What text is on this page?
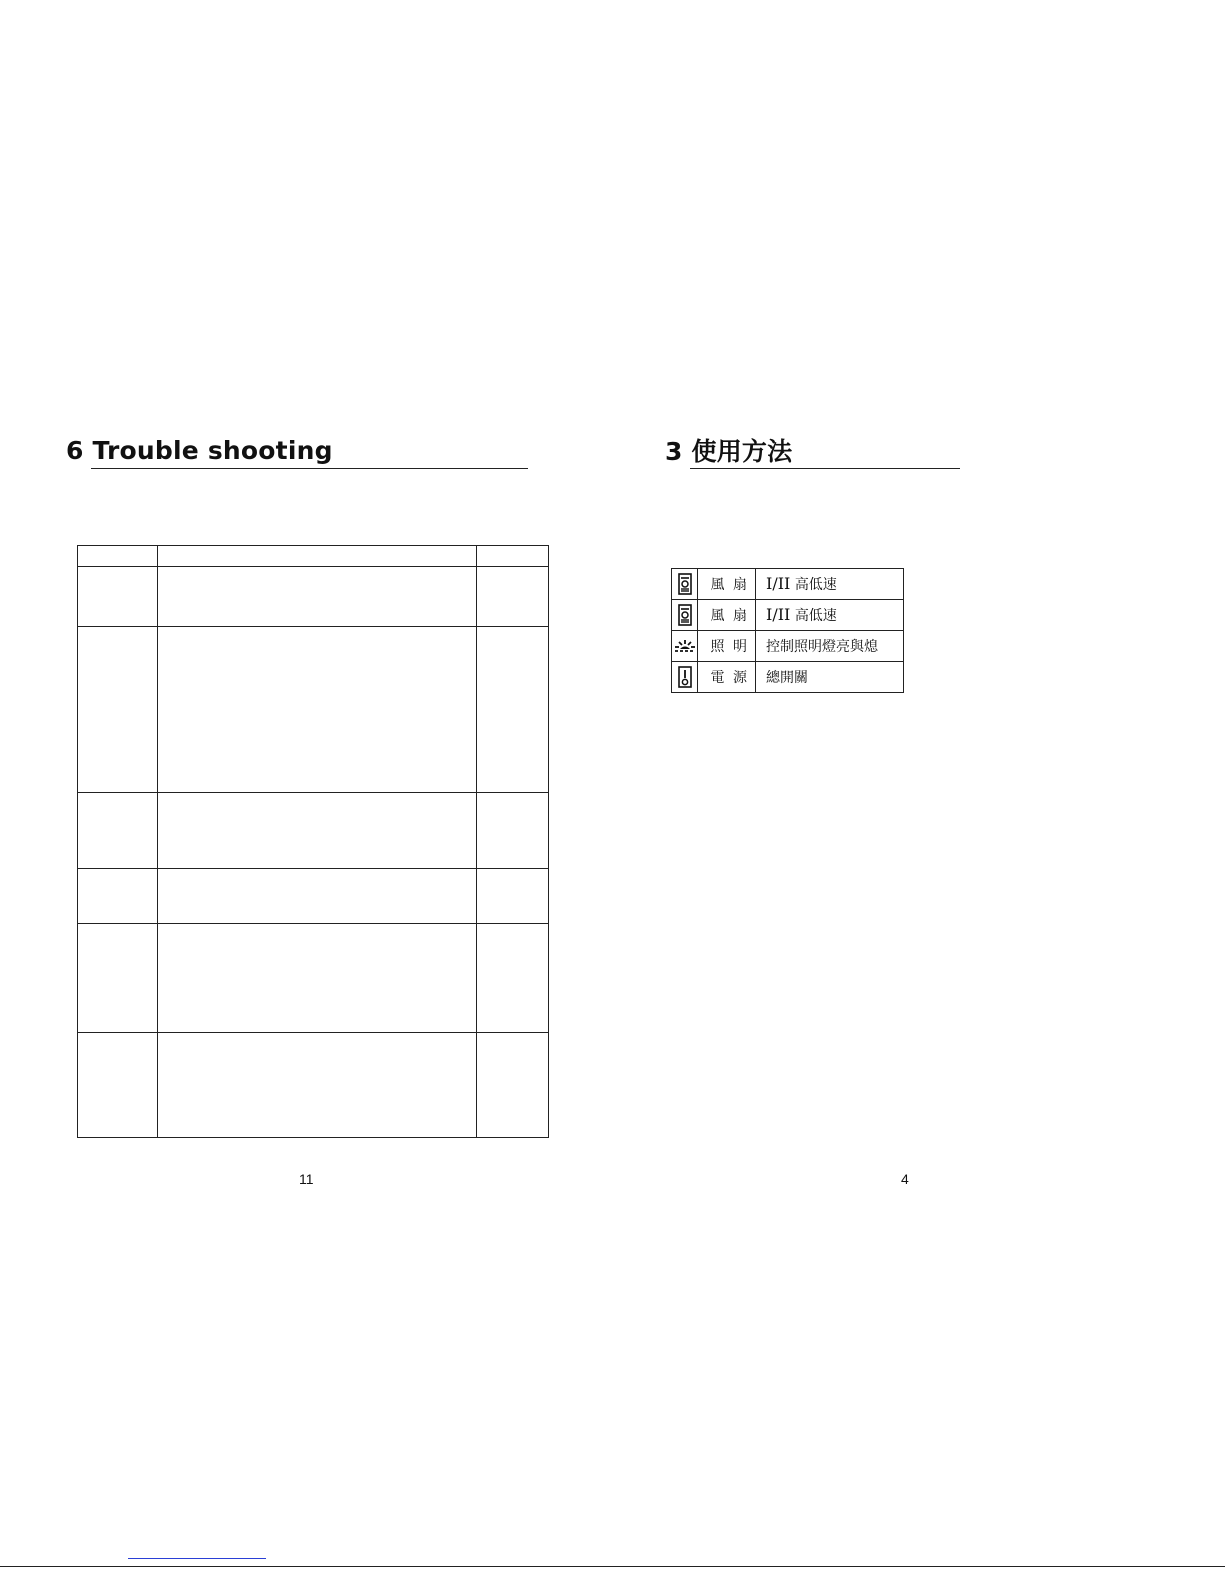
6 Trouble shooting

11
3 使用方法
	風 扇	I/II 高低速

	風 扇	I/II 高低速

	照 明	控制照明燈亮與熄

	電 源	總開關
4
